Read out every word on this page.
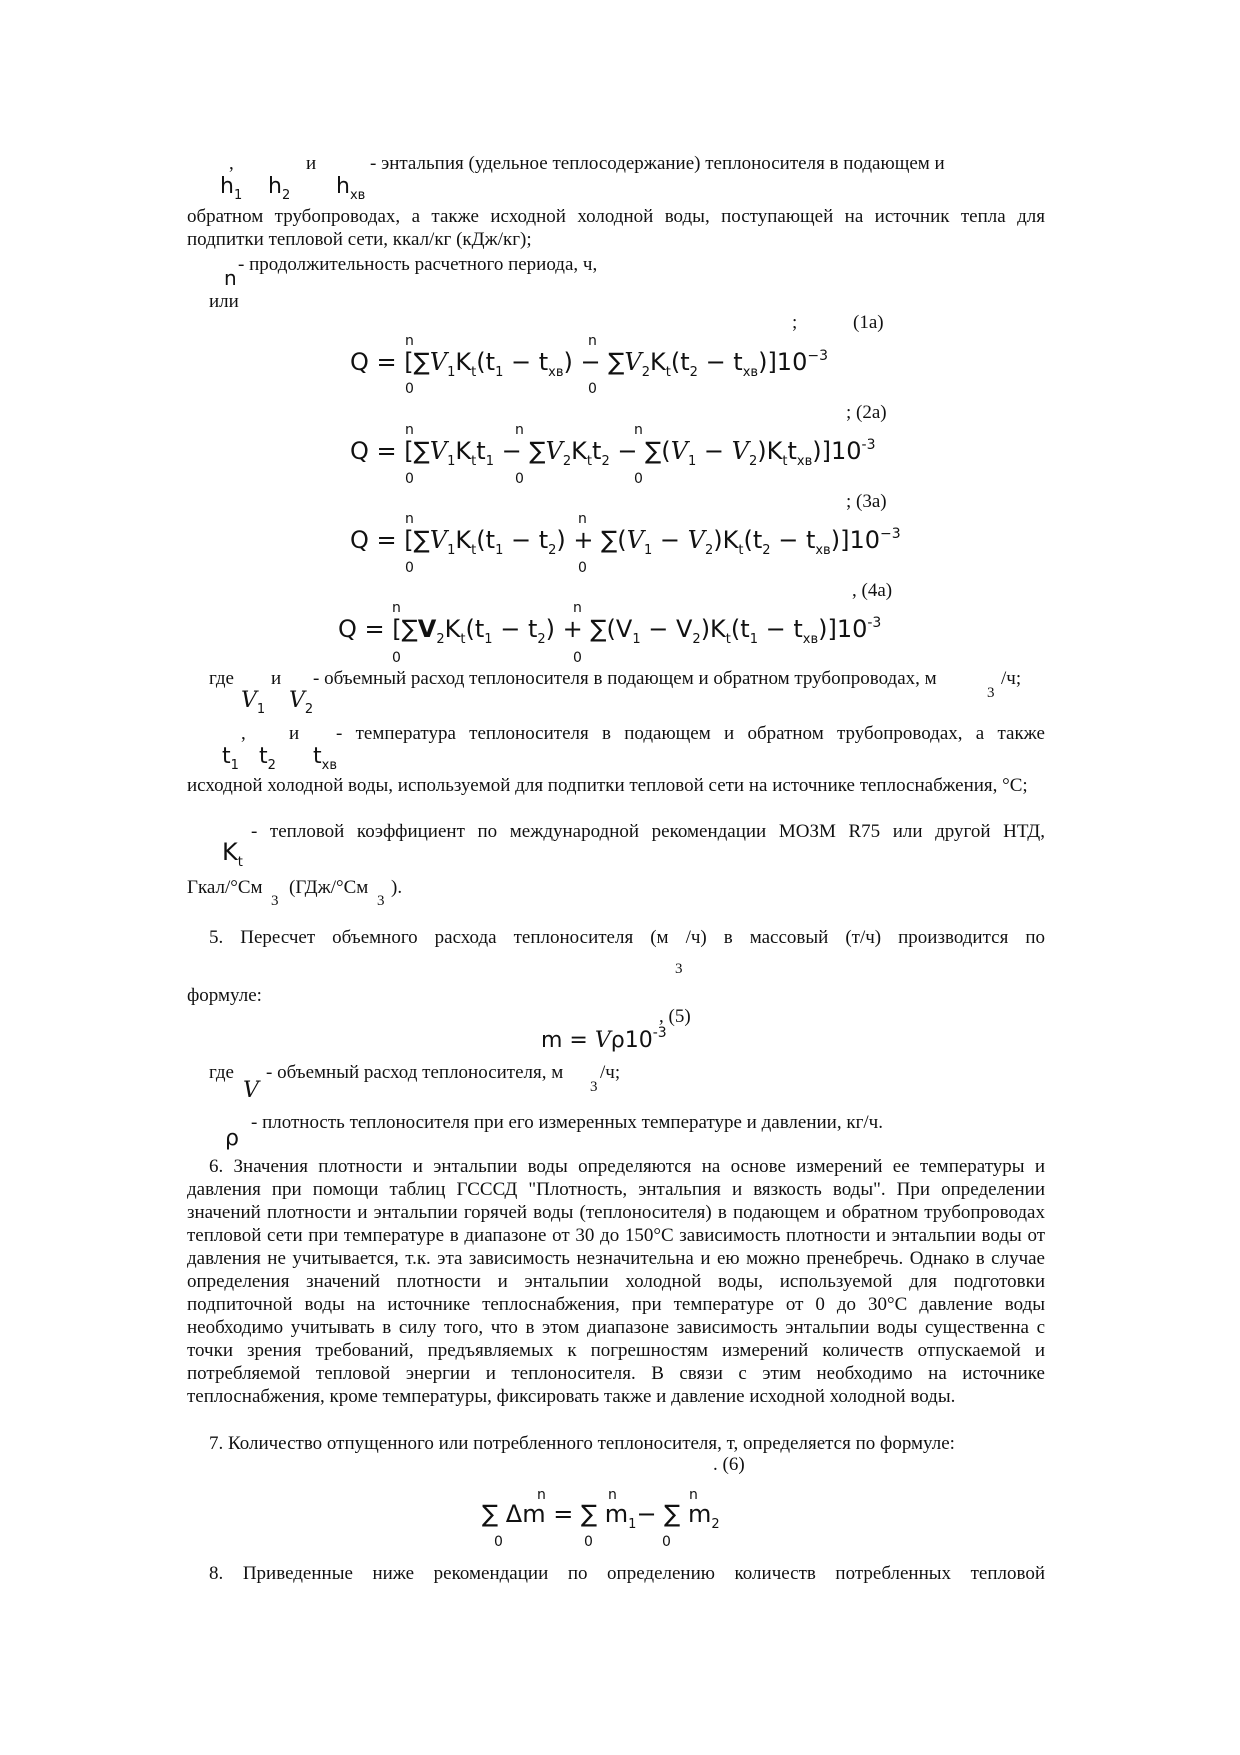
,	и	- энтальпия (удельное теплосодержание) теплоносителя в подающем и
$h_1$ $h_2$ $h_{хв}$
обратном трубопроводах, а также исходной холодной воды, поступающей на источник тепла для подпитки тепловой сети, ккал/кг (кДж/кг);
- продолжительность расчетного периода, ч,
n
или
;	(1а)
n
0
n
0
$Q = [\sum V_1K_t(t_1 - t_{хв}) - \sum V_2K_t(t_2 - t_{хв})]10^{-3}$
; (2а)
n
0
n
0
n
0
$Q = [\sum V_1K_tt_1 - \sum V_2K_tt_2 - \sum(V_1 - V_2)K_tt_{хв})]10^{-3}$
; (3а)
n
0
n
0
$Q = [\sum V_1K_t(t_1 - t_2) + \sum(V_1 - V_2)K_t(t_2 - t_{хв})]10^{-3}$
, (4а)
n
0
n
0
$Q = [\sum V_2K_t(t_1 - t_2) + \sum(V_1 - V_2)K_t(t_1 - t_{хв})]10^{-3}$
где и - объемный расход теплоносителя в подающем и обратном трубопроводах, м
3
/ч;
$V_1$ $V_2$
, и - температура теплоносителя в подающем и обратном трубопроводах, а также
$t_1$ $t_2$ $t_{хв}$
исходной холодной воды, используемой для подпитки тепловой сети на источнике теплоснабжения, °С;
- тепловой коэффициент по международной рекомендации МОЗМ R75 или другой НТД,
$K_t$
Гкал/°См
3
(ГДж/°См
3
).
5. Пересчет объемного расхода теплоносителя (м /ч) в массовый (т/ч) производится по
3
формуле:
, (5)
$m = V\rho 10^{-3}$
где - объемный расход теплоносителя, м
3
/ч;
V
- плотность теплоносителя при его измеренных температуре и давлении, кг/ч.
ρ
6. Значения плотности и энтальпии воды определяются на основе измерений ее температуры и давления при помощи таблиц ГСССД "Плотность, энтальпия и вязкость воды". При определении значений плотности и энтальпии горячей воды (теплоносителя) в подающем и обратном трубопроводах тепловой сети при температуре в диапазоне от 30 до 150°С зависимость плотности и энтальпии воды от давления не учитывается, т.к. эта зависимость незначительна и ею можно пренебречь. Однако в случае определения значений плотности и энтальпии холодной воды, используемой для подготовки подпиточной воды на источнике теплоснабжения, при температуре от 0 до 30°С давление воды необходимо учитывать в силу того, что в этом диапазоне зависимость энтальпии воды существенна с точки зрения требований, предъявляемых к погрешностям измерений количеств отпускаемой и потребляемой тепловой энергии и теплоносителя. В связи с этим необходимо на источнике теплоснабжения, кроме температуры, фиксировать также и давление исходной холодной воды.
7. Количество отпущенного или потребленного теплоносителя, т, определяется по формуле:
. (6)
n
0
n
0
n
0
∑ Δm = ∑ $m_1-$ ∑ $m_2$
8. Приведенные ниже рекомендации по определению количеств потребленных тепловой
